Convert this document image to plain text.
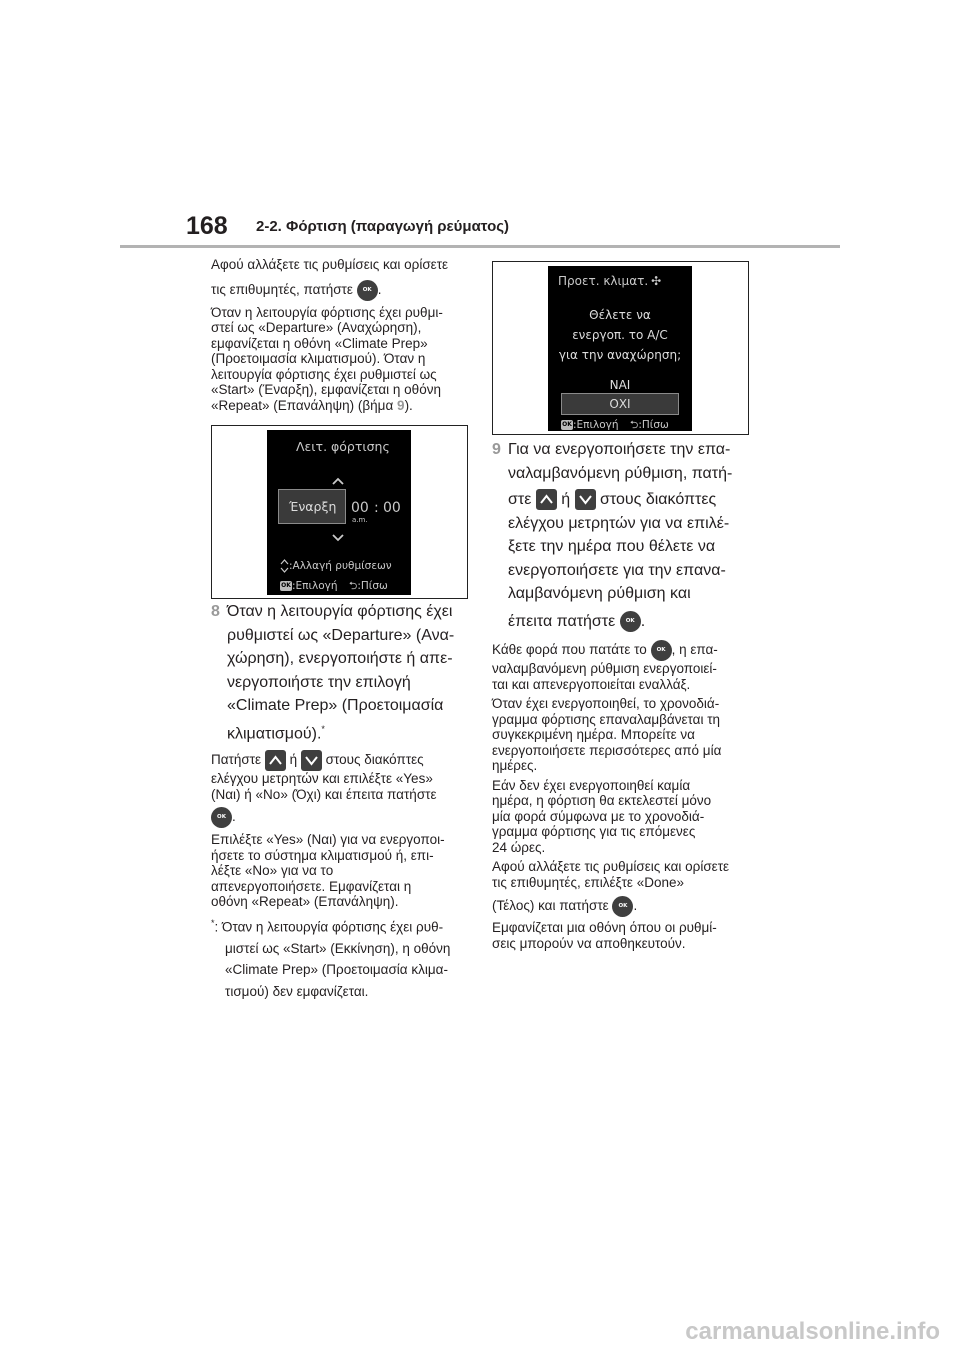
168 2-2. Φόρτιση (παραγωγή ρεύματος)

Αφού αλλάξετε τις ρυθμίσεις και ορίσετε
τις επιθυμητές, πατήστε OK .

Όταν η λειτουργία φόρτισης έχει ρυθμι-
στεί ως «Departure» (Αναχώρηση),
εμφανίζεται η οθόνη «Climate Prep»
(Προετοιμασία κλιματισμού). Όταν η
λειτουργία φόρτισης έχει ρυθμιστεί ως
«Start» (Έναρξη), εμφανίζεται η οθόνη
«Repeat» (Επανάληψη) (βήμα 9).

Λειτ. φόρτισης
Έναρξη 00 : 00
a.m.
:Αλλαγή ρυθμίσεων
OK:Επιλογή ⮌:Πίσω
8 Όταν η λειτουργία φόρτισης έχει
ρυθμιστεί ως «Departure» (Ανα-
χώρηση), ενεργοποιήστε ή απε-
νεργοποιήστε την επιλογή
«Climate Prep» (Προετοιμασία
κλιματισμού).*

Πατήστε ή στους διακόπτες
ελέγχου μετρητών και επιλέξτε «Yes»
(Ναι) ή «No» (Όχι) και έπειτα πατήστε
OK .

Επιλέξτε «Yes» (Ναι) για να ενεργοποι-
ήσετε το σύστημα κλιματισμού ή, επι-
λέξτε «No» για να το
απενεργοποιήσετε. Εμφανίζεται η
οθόνη «Repeat» (Επανάληψη).

*: Όταν η λειτουργία φόρτισης έχει ρυθ-
μιστεί ως «Start» (Εκκίνηση), η οθόνη
«Climate Prep» (Προετοιμασία κλιμα-
τισμού) δεν εμφανίζεται.

Προετ. κλιματ. ✣
Θέλετε να
ενεργοπ. το A/C
για την αναχώρηση;
ΝΑΙ
ΟΧΙ
OK:Επιλογή ⮌:Πίσω
9 Για να ενεργοποιήσετε την επα-
ναλαμβανόμενη ρύθμιση, πατή-
στε ή στους διακόπτες
ελέγχου μετρητών για να επιλέ-
ξετε την ημέρα που θέλετε να
ενεργοποιήσετε για την επανα-
λαμβανόμενη ρύθμιση και
έπειτα πατήστε OK .

Κάθε φορά που πατάτε το OK , η επα-
ναλαμβανόμενη ρύθμιση ενεργοποιεί-
ται και απενεργοποιείται εναλλάξ.

Όταν έχει ενεργοποιηθεί, το χρονοδιά-
γραμμα φόρτισης επαναλαμβάνεται τη
συγκεκριμένη ημέρα. Μπορείτε να
ενεργοποιήσετε περισσότερες από μία
ημέρες.

Εάν δεν έχει ενεργοποιηθεί καμία
ημέρα, η φόρτιση θα εκτελεστεί μόνο
μία φορά σύμφωνα με το χρονοδιά-
γραμμα φόρτισης για τις επόμενες
24 ώρες.

Αφού αλλάξετε τις ρυθμίσεις και ορίσετε
τις επιθυμητές, επιλέξτε «Done»
(Τέλος) και πατήστε OK .

Εμφανίζεται μια οθόνη όπου οι ρυθμί-
σεις μπορούν να αποθηκευτούν.

carmanualsonline.info
